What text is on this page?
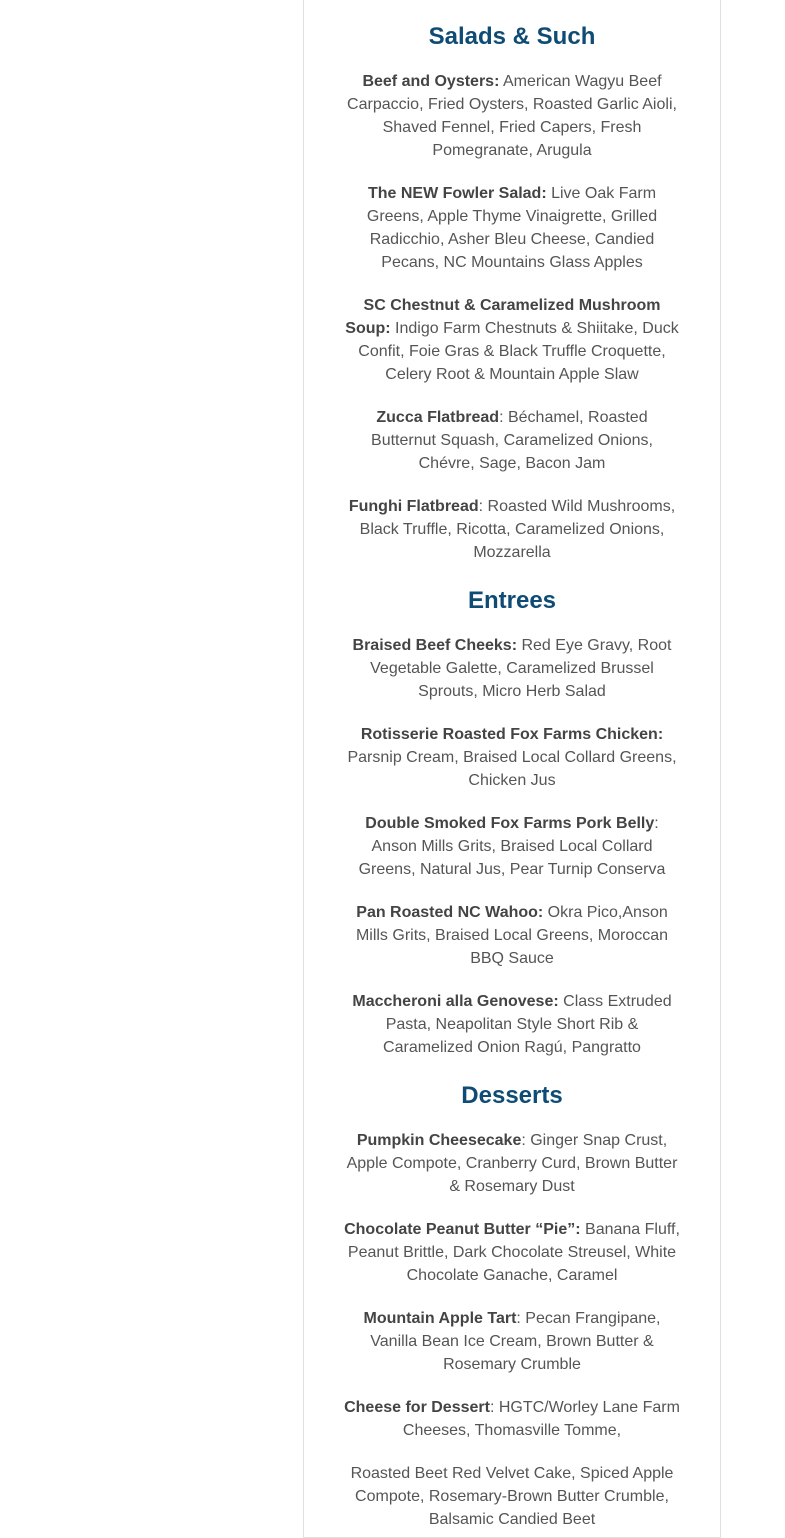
Salads & Such

Beef and Oysters: American Wagyu Beef Carpaccio, Fried Oysters, Roasted Garlic Aioli, Shaved Fennel, Fried Capers, Fresh Pomegranate, Arugula

The NEW Fowler Salad: Live Oak Farm Greens, Apple Thyme Vinaigrette, Grilled Radicchio, Asher Bleu Cheese, Candied Pecans, NC Mountains Glass Apples

SC Chestnut & Caramelized Mushroom Soup: Indigo Farm Chestnuts & Shiitake, Duck Confit, Foie Gras & Black Truffle Croquette, Celery Root & Mountain Apple Slaw

Zucca Flatbread: Béchamel, Roasted Butternut Squash, Caramelized Onions, Chévre, Sage, Bacon Jam

Funghi Flatbread: Roasted Wild Mushrooms, Black Truffle, Ricotta, Caramelized Onions, Mozzarella

Entrees

Braised Beef Cheeks: Red Eye Gravy, Root Vegetable Galette, Caramelized Brussel Sprouts, Micro Herb Salad

Rotisserie Roasted Fox Farms Chicken: Parsnip Cream, Braised Local Collard Greens, Chicken Jus

Double Smoked Fox Farms Pork Belly: Anson Mills Grits, Braised Local Collard Greens, Natural Jus, Pear Turnip Conserva

Pan Roasted NC Wahoo: Okra Pico,Anson Mills Grits, Braised Local Greens, Moroccan BBQ Sauce

Maccheroni alla Genovese: Class Extruded Pasta, Neapolitan Style Short Rib & Caramelized Onion Ragú, Pangratto

Desserts

Pumpkin Cheesecake: Ginger Snap Crust, Apple Compote, Cranberry Curd, Brown Butter & Rosemary Dust

Chocolate Peanut Butter “Pie”: Banana Fluff, Peanut Brittle, Dark Chocolate Streusel, White Chocolate Ganache, Caramel

Mountain Apple Tart: Pecan Frangipane, Vanilla Bean Ice Cream, Brown Butter & Rosemary Crumble

Cheese for Dessert: HGTC/Worley Lane Farm Cheeses, Thomasville Tomme,

Roasted Beet Red Velvet Cake, Spiced Apple Compote, Rosemary-Brown Butter Crumble, Balsamic Candied Beet
